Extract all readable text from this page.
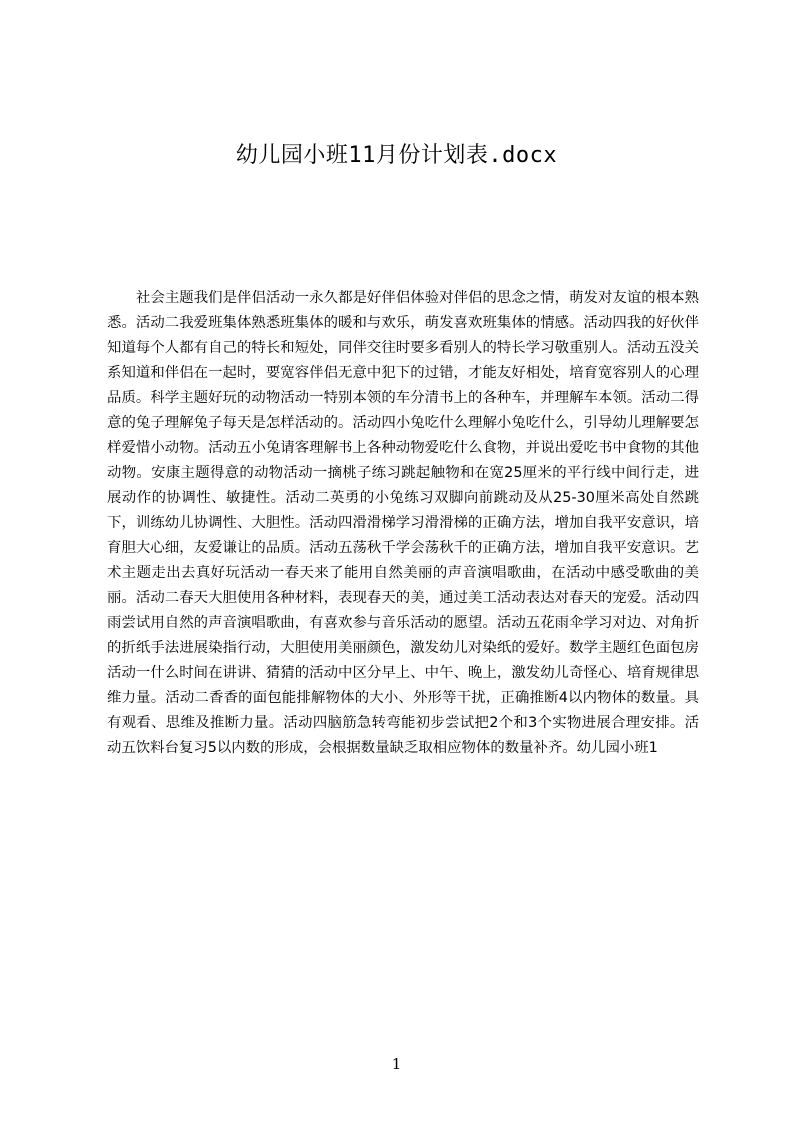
幼儿园小班11月份计划表.docx

社会主题我们是伴侣活动一永久都是好伴侣体验对伴侣的思念之情，萌发对友谊的根本熟悉。活动二我爱班集体熟悉班集体的暖和与欢乐，萌发喜欢班集体的情感。活动四我的好伙伴知道每个人都有自己的特长和短处，同伴交往时要多看别人的特长学习敬重别人。活动五没关系知道和伴侣在一起时，要宽容伴侣无意中犯下的过错，才能友好相处，培育宽容别人的心理品质。科学主题好玩的动物活动一特别本领的车分清书上的各种车，并理解车本领。活动二得意的兔子理解兔子每天是怎样活动的。活动四小兔吃什么理解小兔吃什么，引导幼儿理解要怎样爱惜小动物。活动五小兔请客理解书上各种动物爱吃什么食物，并说出爱吃书中食物的其他动物。安康主题得意的动物活动一摘桃子练习跳起触物和在宽25厘米的平行线中间行走，进展动作的协调性、敏捷性。活动二英勇的小兔练习双脚向前跳动及从25-30厘米高处自然跳下，训练幼儿协调性、大胆性。活动四滑滑梯学习滑滑梯的正确方法，增加自我平安意识，培育胆大心细，友爱谦让的品质。活动五荡秋千学会荡秋千的正确方法，增加自我平安意识。艺术主题走出去真好玩活动一春天来了能用自然美丽的声音演唱歌曲，在活动中感受歌曲的美丽。活动二春天大胆使用各种材料，表现春天的美，通过美工活动表达对春天的宠爱。活动四雨尝试用自然的声音演唱歌曲，有喜欢参与音乐活动的愿望。活动五花雨伞学习对边、对角折的折纸手法进展染指行动，大胆使用美丽颜色，激发幼儿对染纸的爱好。数学主题红色面包房活动一什么时间在讲讲、猜猜的活动中区分早上、中午、晚上，激发幼儿奇怪心、培育规律思维力量。活动二香香的面包能排解物体的大小、外形等干扰，正确推断4以内物体的数量。具有观看、思维及推断力量。活动四脑筋急转弯能初步尝试把2个和3个实物进展合理安排。活动五饮料台复习5以内数的形成，会根据数量缺乏取相应物体的数量补齐。幼儿园小班1

1
